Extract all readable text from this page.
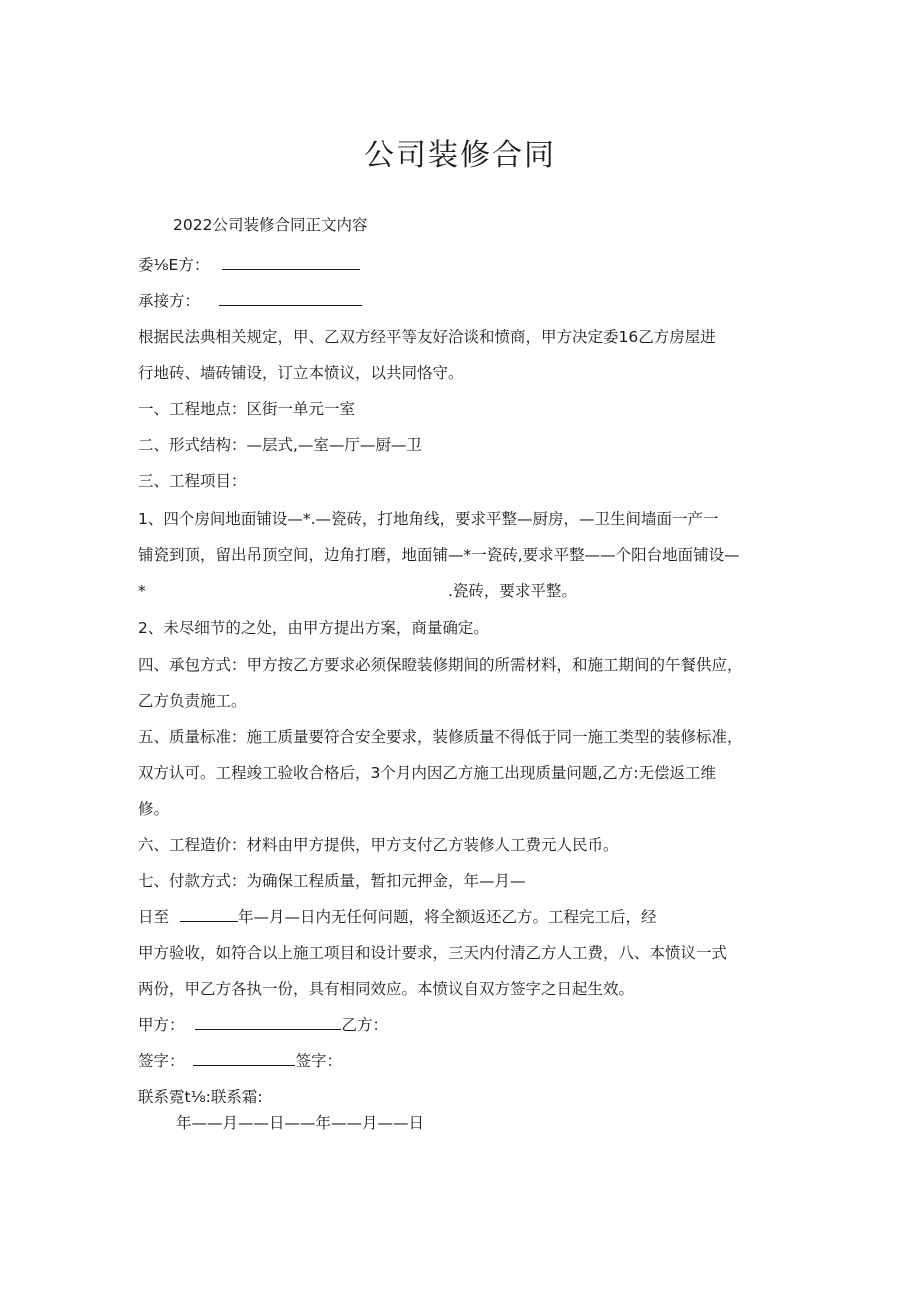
公司装修合同
2022公司装修合同正文内容
委⅛E方：
承接方：
根据民法典相关规定，甲、乙双方经平等友好洽谈和愤商，甲方决定委16乙方房屋进
行地砖、墙砖铺设，订立本愤议，以共同恪守。
一、工程地点：区街一单元一室
二、形式结构：—层式,—室—厅—厨—卫
三、工程项目：
1、四个房间地面铺设—*.—瓷砖，打地角线，要求平整—厨房，—卫生间墙面一产一
铺瓷到顶，留出吊顶空间，边角打磨，地面铺—*一瓷砖,要求平整——个阳台地面铺设—
*	.瓷砖，要求平整。
2、未尽细节的之处，由甲方提出方案，商量确定。
四、承包方式：甲方按乙方要求必须保瞪装修期间的所需材料，和施工期间的午餐供应，
乙方负责施工。
五、质量标准：施工质量要符合安全要求，装修质量不得低于同一施工类型的装修标准，
双方认可。工程竣工验收合格后，3个月内因乙方施工出现质量问题,乙方:无偿返工维
修。
六、工程造价：材料由甲方提供，甲方支付乙方装修人工费元人民币。
七、付款方式：为确保工程质量，暂扣元押金，年—月—
日至	年—月—日内无任何问题，将全额返还乙方。工程完工后，经
甲方验收，如符合以上施工项目和设计要求，三天内付清乙方人工费，八、本愤议一式
两份，甲乙方各执一份，具有相同效应。本愤议自双方签字之日起生效。
甲方：	乙方：
签字：	签字：
联系霓t⅛:联系霜:
年——月——日——年——月——日
